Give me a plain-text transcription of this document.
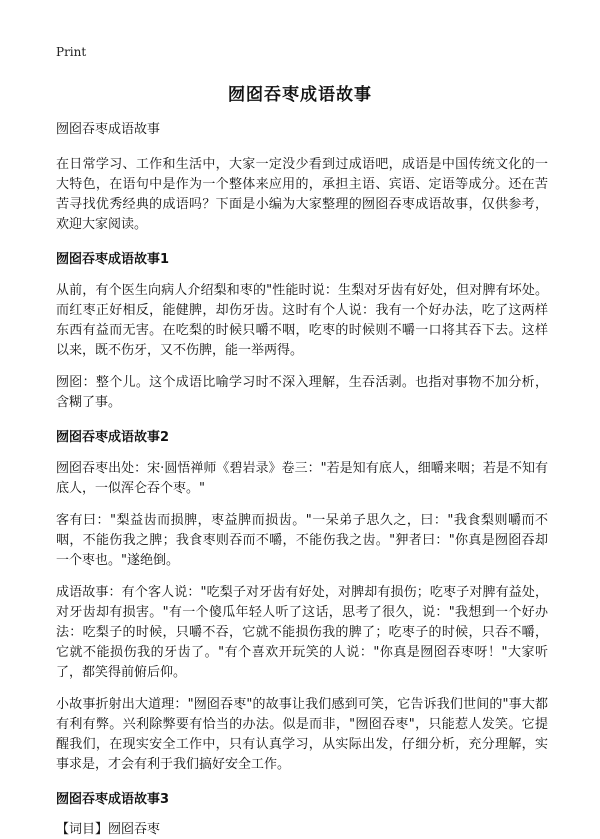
Print
囫囵吞枣成语故事

囫囵吞枣成语故事

在日常学习、工作和生活中，大家一定没少看到过成语吧，成语是中国传统文化的一大特色，在语句中是作为一个整体来应用的，承担主语、宾语、定语等成分。还在苦苦寻找优秀经典的成语吗？下面是小编为大家整理的囫囵吞枣成语故事，仅供参考，欢迎大家阅读。

囫囵吞枣成语故事1

从前，有个医生向病人介绍梨和枣的"性能时说：生梨对牙齿有好处，但对脾有坏处。而红枣正好相反，能健脾，却伤牙齿。这时有个人说：我有一个好办法，吃了这两样东西有益而无害。在吃梨的时候只嚼不咽，吃枣的时候则不嚼一口将其吞下去。这样以来，既不伤牙，又不伤脾，能一举两得。

囫囵：整个儿。这个成语比喻学习时不深入理解，生吞活剥。也指对事物不加分析，含糊了事。

囫囵吞枣成语故事2

囫囵吞枣出处：宋·圆悟禅师《碧岩录》卷三："若是知有底人，细嚼来咽；若是不知有底人，一似浑仑吞个枣。"

客有曰："梨益齿而损脾，枣益脾而损齿。"一呆弟子思久之，曰："我食梨则嚼而不咽，不能伤我之脾；我食枣则吞而不嚼，不能伤我之齿。"狎者曰："你真是囫囵吞却一个枣也。"遂绝倒。

成语故事：有个客人说："吃梨子对牙齿有好处，对脾却有损伤；吃枣子对脾有益处，对牙齿却有损害。"有一个傻瓜年轻人听了这话，思考了很久，说："我想到一个好办法：吃梨子的时候，只嚼不吞，它就不能损伤我的脾了；吃枣子的时候，只吞不嚼，它就不能损伤我的牙齿了。"有个喜欢开玩笑的人说："你真是囫囵吞枣呀！"大家听了，都笑得前俯后仰。

小故事折射出大道理："囫囵吞枣"的故事让我们感到可笑，它告诉我们世间的"事大都有利有弊。兴利除弊要有恰当的办法。似是而非，"囫囵吞枣"，只能惹人发笑。它提醒我们，在现实安全工作中，只有认真学习，从实际出发，仔细分析，充分理解，实事求是，才会有利于我们搞好安全工作。

囫囵吞枣成语故事3

【词目】囫囵吞枣
